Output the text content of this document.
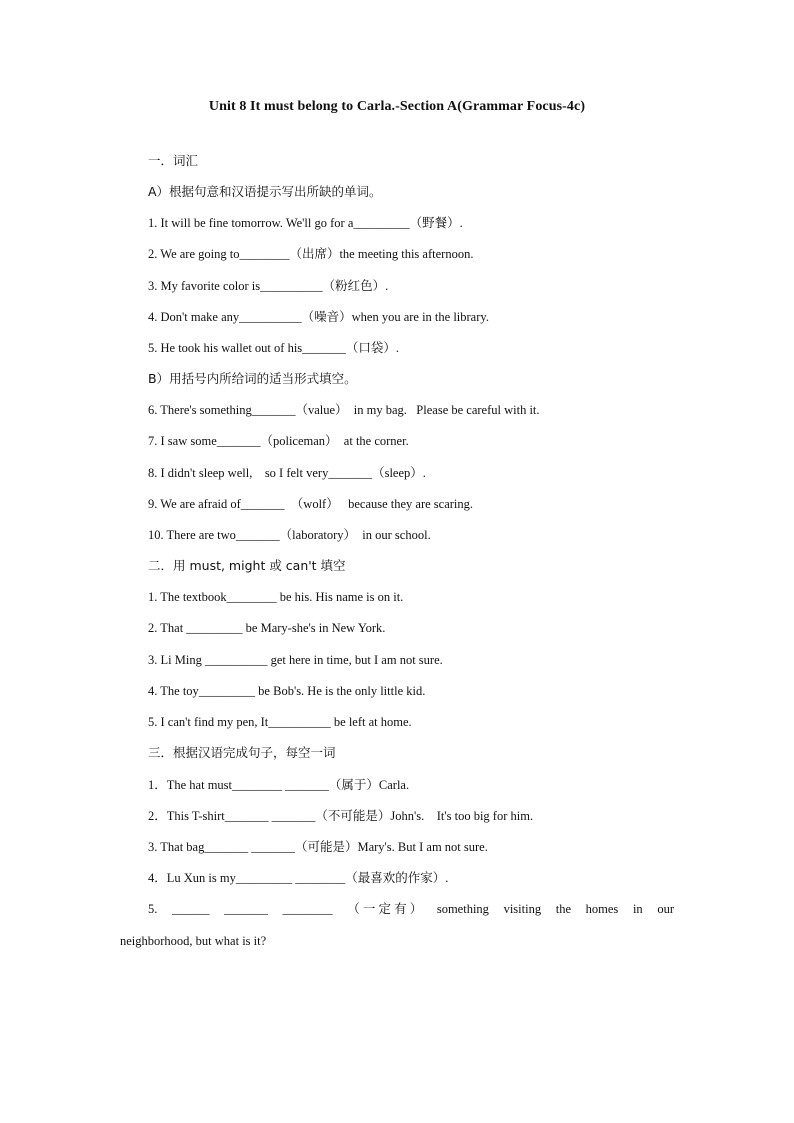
Unit 8 It must belong to Carla.-Section A(Grammar Focus-4c)
一．词汇
A）根据句意和汉语提示写出所缺的单词。
1. It will be fine tomorrow. We'll go for a_________（野餐）.
2. We are going to________（出席）the meeting this afternoon.
3. My favorite color is__________（粉红色）.
4. Don't make any__________（噪音）when you are in the library.
5. He took his wallet out of his_______（口袋）.
B）用括号内所给词的适当形式填空。
6. There's something_______（value）  in my bag.   Please be careful with it.
7. I saw some_______（policeman）  at the corner.
8. I didn't sleep well,    so I felt very_______（sleep）.
9. We are afraid of_______  （wolf）   because they are scaring.
10. There are two_______（laboratory）  in our school.
二．用 must, might 或 can't 填空
1. The textbook________ be his. His name is on it.
2. That _________ be Mary-she's in New York.
3. Li Ming __________ get here in time, but I am not sure.
4. The toy_________ be Bob's. He is the only little kid.
5. I can't find my pen, It__________ be left at home.
三．根据汉语完成句子，每空一词
1．The hat must________ _______（属于）Carla.
2．This T-shirt_______ _______（不可能是）John's.    It's too big for him.
3. That bag_______ _______（可能是）Mary's. But I am not sure.
4．Lu Xun is my_________ ________（最喜欢的作家）.
5. ______ _______ ________ （ 一 定 有 ） something visiting the homes in our
neighborhood, but what is it?
